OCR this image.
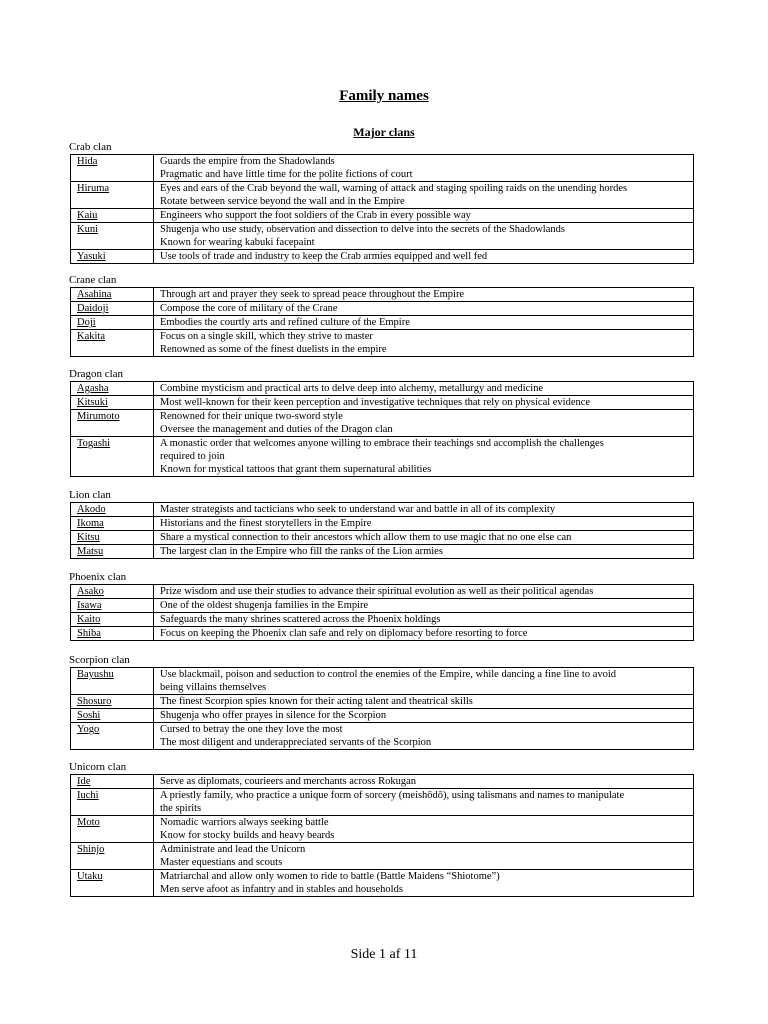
Family names
Major clans
Crab clan
Hida	Guards the empire from the Shadowlands
Pragmatic and have little time for the polite fictions of court

Hiruma	Eyes and ears of the Crab beyond the wall, warning of attack and staging spoiling raids on the unending hordes
Rotate between service beyond the wall and in the Empire

Kaiu	Engineers who support the foot soldiers of the Crab in every possible way

Kuni	Shugenja who use study, observation and dissection to delve into the secrets of the Shadowlands
Known for wearing kabuki facepaint

Yasuki	Use tools of trade and industry to keep the Crab armies equipped and well fed
Crane clan
Asahina	Through art and prayer they seek to spread peace throughout the Empire

Daidoji	Compose the core of military of the Crane

Doji	Embodies the courtly arts and refined culture of the Empire

Kakita	Focus on a single skill, which they strive to master
Renowned as some of the finest duelists in the empire
Dragon clan
Agasha	Combine mysticism and practical arts to delve deep into alchemy, metallurgy and medicine

Kitsuki	Most well-known for their keen perception and investigative techniques that rely on physical evidence

Mirumoto	Renowned for their unique two-sword style
Oversee the management and duties of the Dragon clan

Togashi	A monastic order that welcomes anyone willing to embrace their teachings snd accomplish the challenges
required to join
Known for mystical tattoos that grant them supernatural abilities
Lion clan
Akodo	Master strategists and tacticians who seek to understand war and battle in all of its complexity

Ikoma	Historians and the finest storytellers in the Empire

Kitsu	Share a mystical connection to their ancestors which allow them to use magic that no one else can

Matsu	The largest clan in the Empire who fill the ranks of the Lion armies
Phoenix clan
Asako	Prize wisdom and use their studies to advance their spiritual evolution as well as their political agendas

Isawa	One of the oldest shugenja families in the Empire

Kaito	Safeguards the many shrines scattered across the Phoenix holdings

Shiba	Focus on keeping the Phoenix clan safe and rely on diplomacy before resorting to force
Scorpion clan
Bayushu	Use blackmail, poison and seduction to control the enemies of the Empire, while dancing a fine line to avoid
being villains themselves

Shosuro	The finest Scorpion spies known for their acting talent and theatrical skills

Soshi	Shugenja who offer prayes in silence for the Scorpion

Yogo	Cursed to betray the one they love the most
The most diligent and underappreciated servants of the Scorpion
Unicorn clan
Ide	Serve as diplomats, courieers and merchants across Rokugan

Iuchi	A priestly family, who practice a unique form of sorcery (meishōdō), using talismans and names to manipulate
the spirits

Moto	Nomadic warriors always seeking battle
Know for stocky builds and heavy beards

Shinjo	Administrate and lead the Unicorn
Master equestians and scouts

Utaku	Matriarchal and allow only women to ride to battle (Battle Maidens “Shiotome”)
Men serve afoot as infantry and in stables and households
Side 1 af 11
